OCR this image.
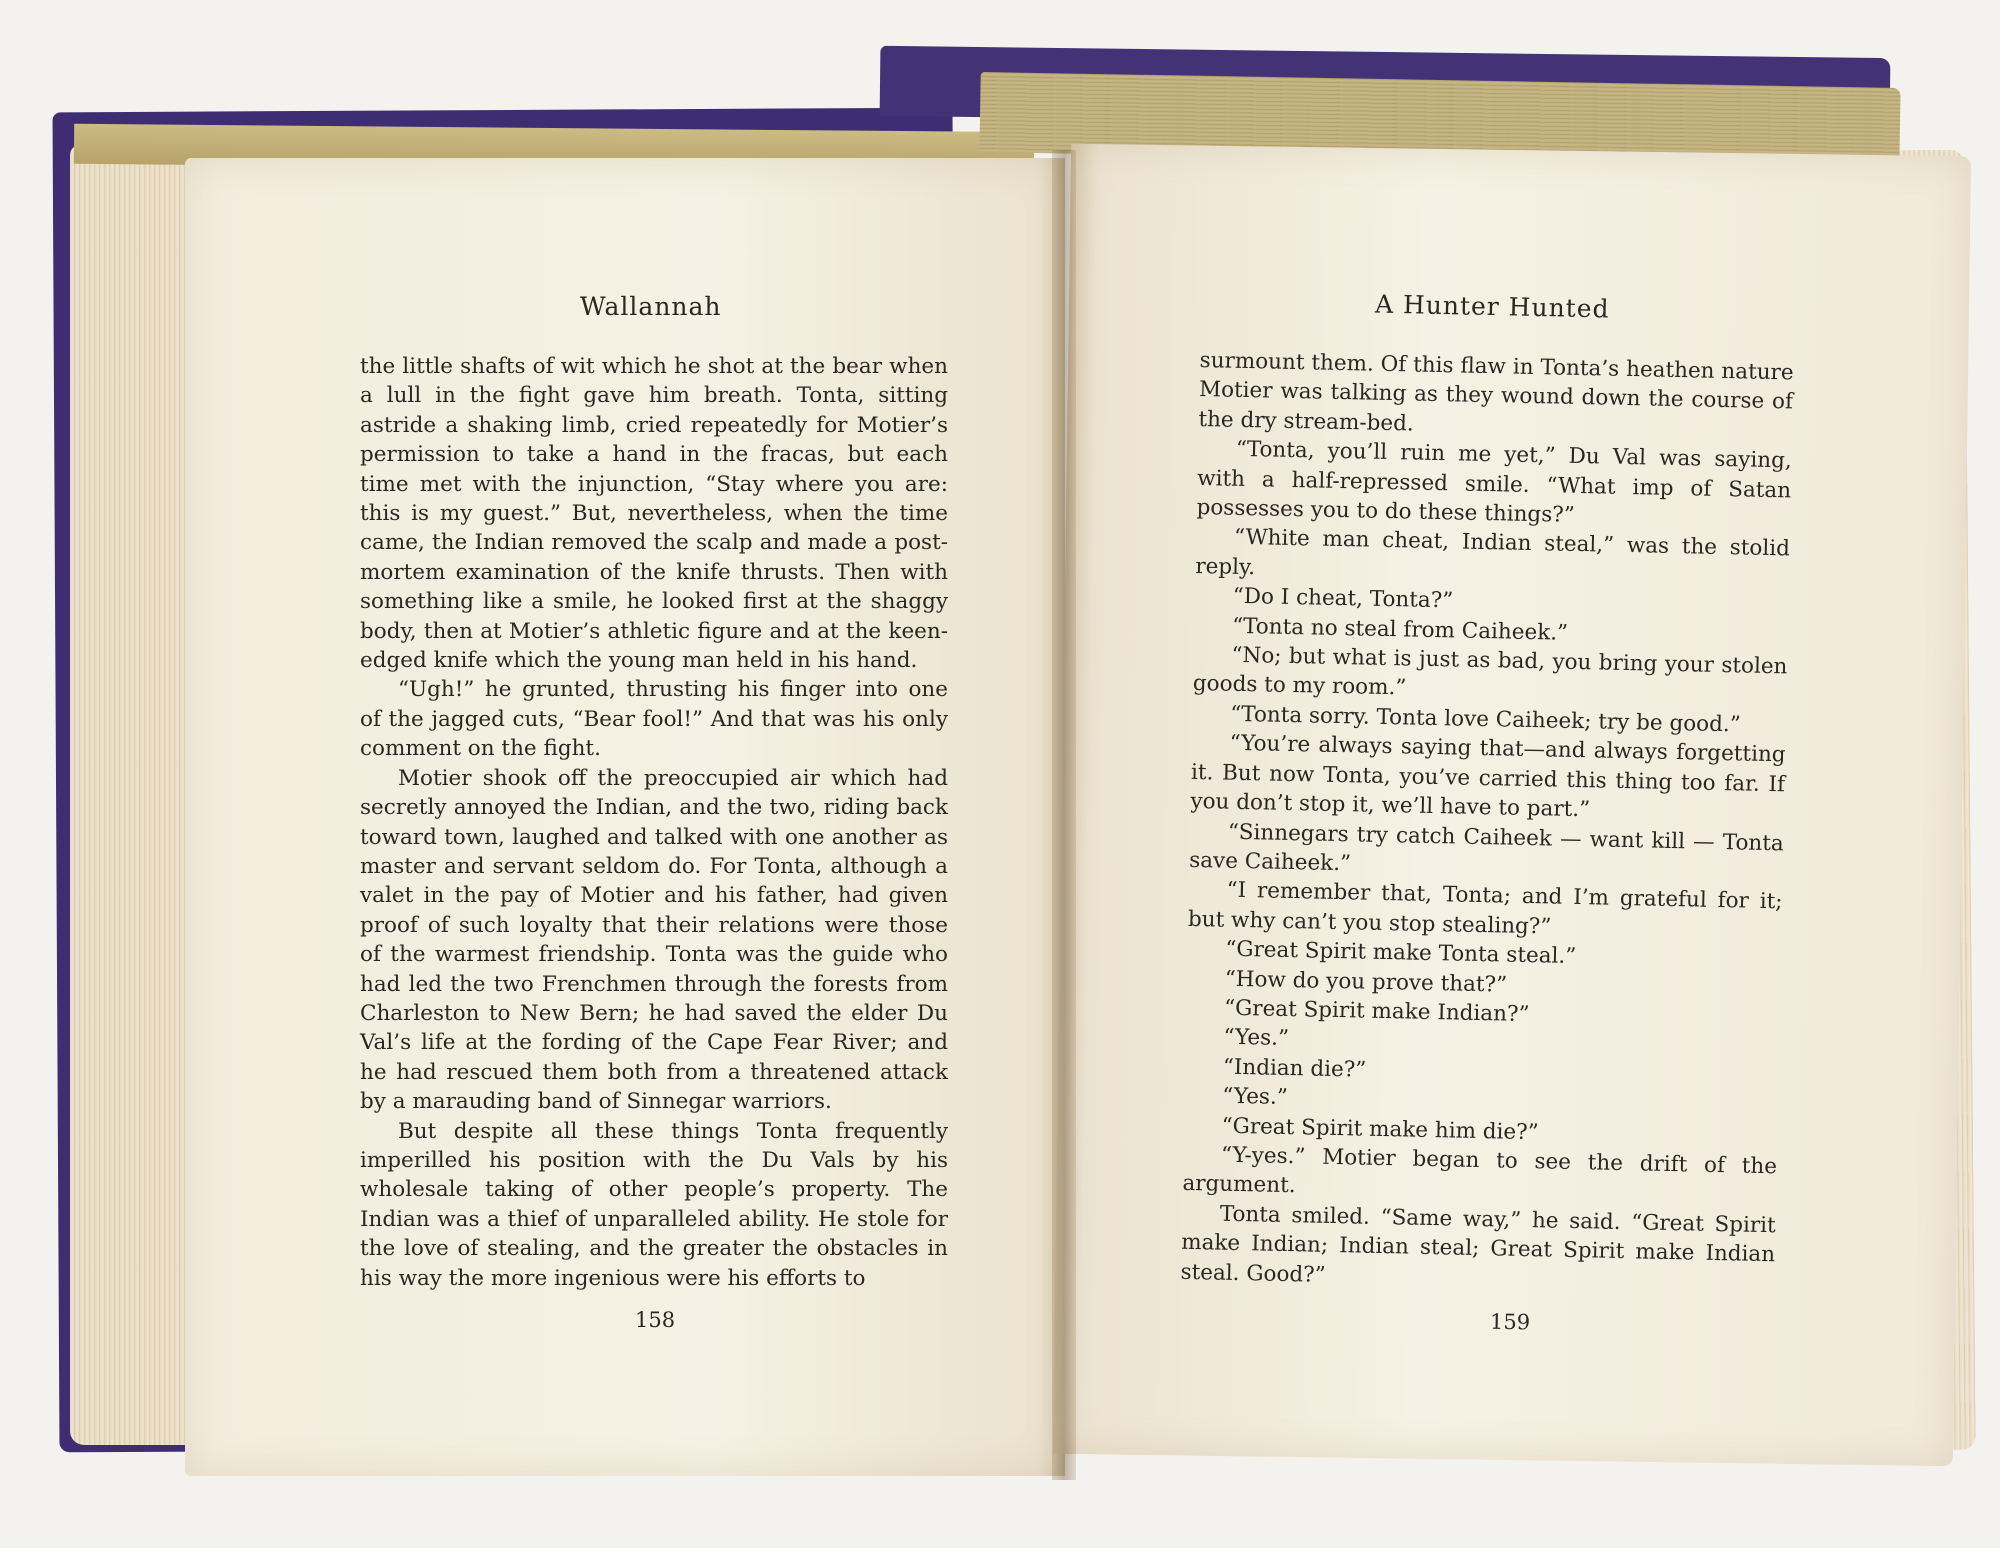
Wallannah

the little shafts of wit which he shot at the bear when a lull in the fight gave him breath. Tonta, sitting astride a shaking limb, cried repeatedly for Motier’s permission to take a hand in the fracas, but each time met with the injunction, “Stay where you are: this is my guest.” But, nevertheless, when the time came, the Indian removed the scalp and made a post-mortem examination of the knife thrusts. Then with something like a smile, he looked first at the shaggy body, then at Motier’s athletic figure and at the keen-edged knife which the young man held in his hand.

“Ugh!” he grunted, thrusting his finger into one of the jagged cuts, “Bear fool!” And that was his only comment on the fight.

Motier shook off the preoccupied air which had secretly annoyed the Indian, and the two, riding back toward town, laughed and talked with one another as master and servant seldom do. For Tonta, although a valet in the pay of Motier and his father, had given proof of such loyalty that their relations were those of the warmest friendship. Tonta was the guide who had led the two Frenchmen through the forests from Charleston to New Bern; he had saved the elder Du Val’s life at the fording of the Cape Fear River; and he had rescued them both from a threatened attack by a marauding band of Sinnegar warriors.

But despite all these things Tonta frequently imperilled his position with the Du Vals by his wholesale taking of other people’s property. The Indian was a thief of unparalleled ability. He stole for the love of stealing, and the greater the obstacles in his way the more ingenious were his efforts to

158
A Hunter Hunted

surmount them. Of this flaw in Tonta’s heathen nature Motier was talking as they wound down the course of the dry stream-bed.

“Tonta, you’ll ruin me yet,” Du Val was saying, with a half-repressed smile. “What imp of Satan possesses you to do these things?”

“White man cheat, Indian steal,” was the stolid reply.

“Do I cheat, Tonta?”

“Tonta no steal from Caiheek.”

“No; but what is just as bad, you bring your stolen goods to my room.”

“Tonta sorry. Tonta love Caiheek; try be good.”

“You’re always saying that—and always forgetting it. But now Tonta, you’ve carried this thing too far. If you don’t stop it, we’ll have to part.”

“Sinnegars try catch Caiheek — want kill — Tonta save Caiheek.”

“I remember that, Tonta; and I’m grateful for it; but why can’t you stop stealing?”

“Great Spirit make Tonta steal.”

“How do you prove that?”

“Great Spirit make Indian?”

“Yes.”

“Indian die?”

“Yes.”

“Great Spirit make him die?”

“Y-yes.” Motier began to see the drift of the argument.

Tonta smiled. “Same way,” he said. “Great Spirit make Indian; Indian steal; Great Spirit make Indian steal. Good?”

159
